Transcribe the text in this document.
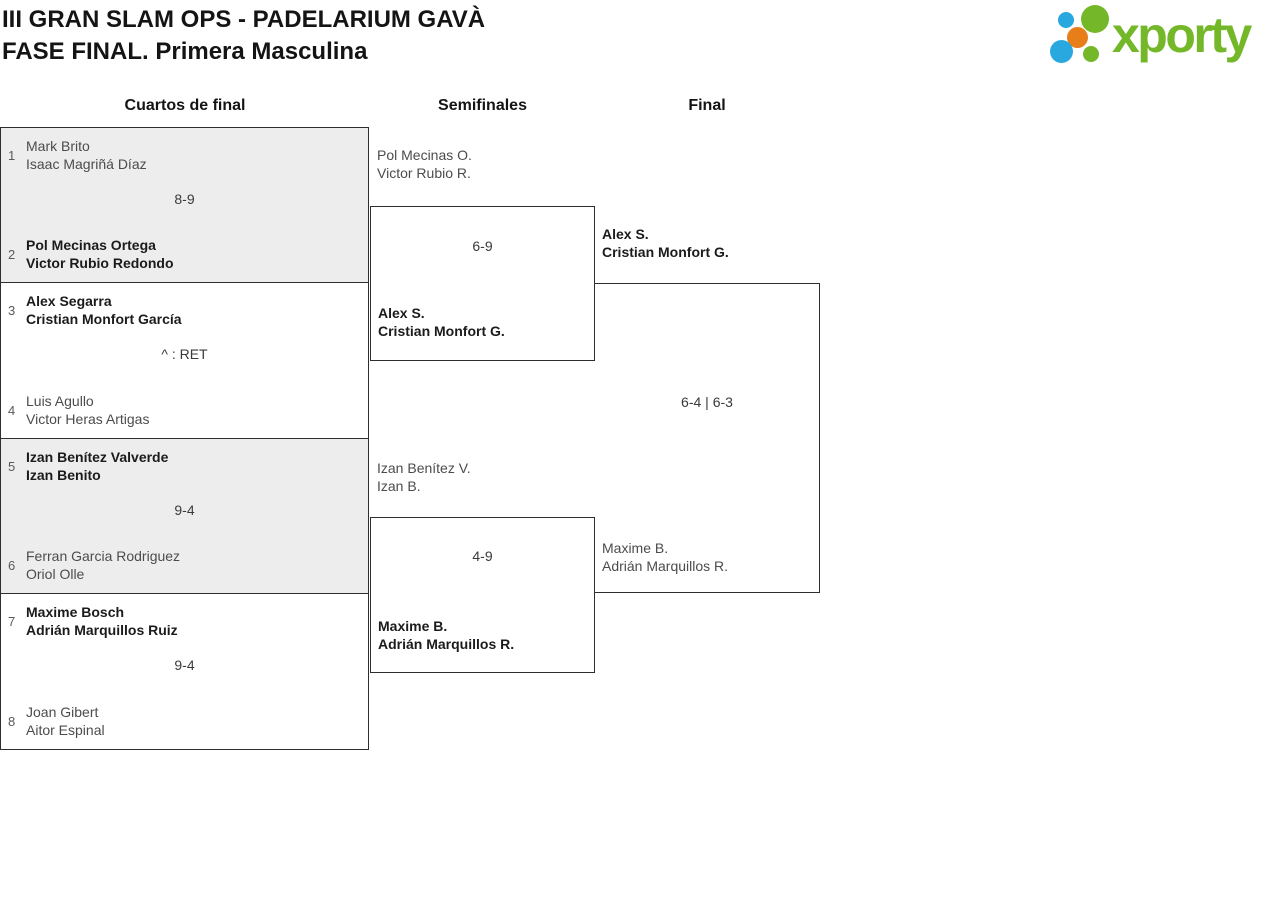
III GRAN SLAM OPS - PADELARIUM GAVÀ
FASE FINAL. Primera Masculina	xporty
Cuartos de final	Semifinales	Final
1
Mark Brito
Isaac Magriñá Díaz
8-9
2
Pol Mecinas Ortega
Victor Rubio Redondo
3
Alex Segarra
Cristian Monfort García
^ : RET
4
Luis Agullo
Victor Heras Artigas
5
Izan Benítez Valverde
Izan Benito
9-4
6
Ferran Garcia Rodriguez
Oriol Olle
7
Maxime Bosch
Adrián Marquillos Ruiz
9-4
8
Joan Gibert
Aitor Espinal
Pol Mecinas O.
Victor Rubio R.
6-9
Alex S.
Cristian Monfort G.
Izan Benítez V.
Izan B.
4-9
Maxime B.
Adrián Marquillos R.
Alex S.
Cristian Monfort G.
6-4 | 6-3
Maxime B.
Adrián Marquillos R.
